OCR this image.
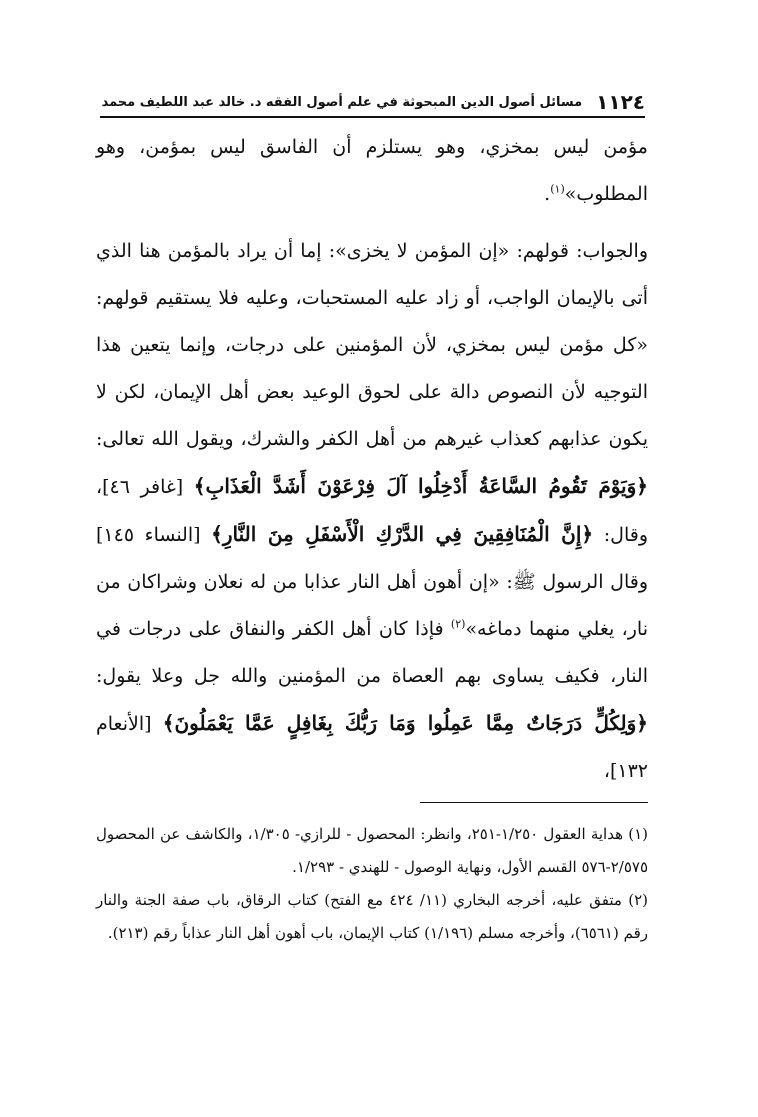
١١٢٤
مسائل أصول الدين المبحوثة في علم أصول الفقه د. خالد عبد اللطيف محمد

مؤمن ليس بمخزي، وهو يستلزم أن الفاسق ليس بمؤمن، وهو المطلوب»$^{(١)}$.

والجواب: قولهم: «إن المؤمن لا يخزى»: إما أن يراد بالمؤمن هنا الذي أتى بالإيمان الواجب، أو زاد عليه المستحبات، وعليه فلا يستقيم قولهم: «كل مؤمن ليس بمخزي، لأن المؤمنين على درجات، وإنما يتعين هذا التوجيه لأن النصوص دالة على لحوق الوعيد بعض أهل الإيمان، لكن لا يكون عذابهم كعذاب غيرهم من أهل الكفر والشرك، ويقول الله تعالى: ﴿وَيَوْمَ تَقُومُ السَّاعَةُ أَدْخِلُوا آلَ فِرْعَوْنَ أَشَدَّ الْعَذَابِ﴾ [غافر ٤٦]، وقال: ﴿إِنَّ الْمُنَافِقِينَ فِي الدَّرْكِ الْأَسْفَلِ مِنَ النَّارِ﴾ [النساء ١٤٥] وقال الرسول ﷺ: «إن أهون أهل النار عذابا من له نعلان وشراكان من نار، يغلي منهما دماغه»$^{(٢)}$ فإذا كان أهل الكفر والنفاق على درجات في النار، فكيف يساوى بهم العصاة من المؤمنين والله جل وعلا يقول: ﴿وَلِكُلٍّ دَرَجَاتٌ مِمَّا عَمِلُوا وَمَا رَبُّكَ بِغَافِلٍ عَمَّا يَعْمَلُونَ﴾ [الأنعام ١٣٢]،

(١) هداية العقول ١/٢٥٠-٢٥١، وانظر: المحصول - للرازي- ١/٣٠٥، والكاشف عن المحصول ٢/٥٧٥-٥٧٦ القسم الأول، ونهاية الوصول - للهندي - ١/٢٩٣.

(٢) متفق عليه، أخرجه البخاري (١١/ ٤٢٤ مع الفتح) كتاب الرقاق، باب صفة الجنة والنار رقم (٦٥٦١)، وأخرجه مسلم (١/١٩٦) كتاب الإيمان، باب أهون أهل النار عذاباً رقم (٢١٣).
